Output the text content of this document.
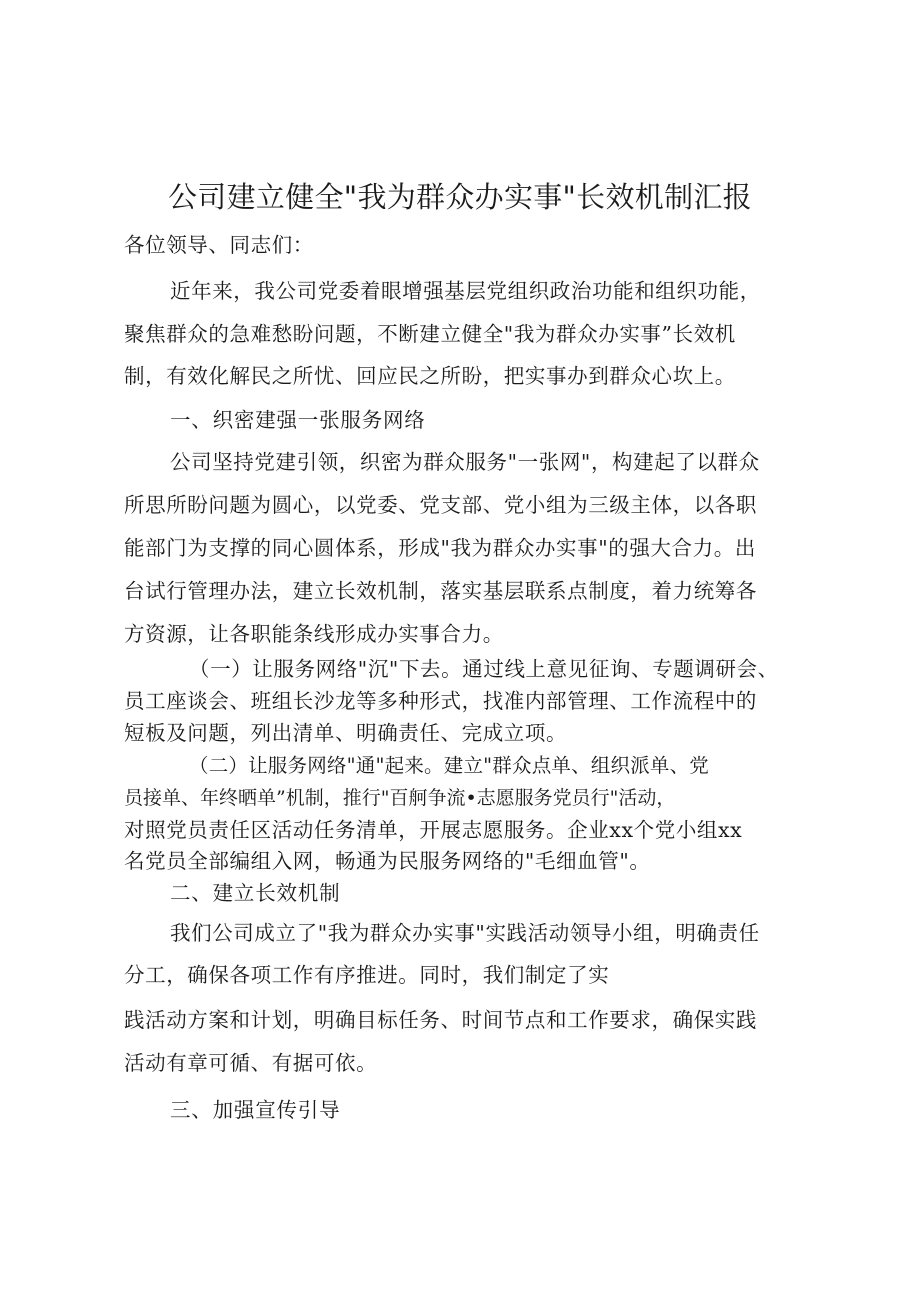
公司建立健全"我为群众办实事"长效机制汇报
各位领导、同志们：
近年来，我公司党委着眼增强基层党组织政治功能和组织功能，
聚焦群众的急难愁盼问题，不断建立健全"我为群众办实事”长效机
制，有效化解民之所忧、回应民之所盼，把实事办到群众心坎上。
一、织密建强一张服务网络
公司坚持党建引领，织密为群众服务"一张网"，构建起了以群众
所思所盼问题为圆心，以党委、党支部、党小组为三级主体，以各职
能部门为支撑的同心圆体系，形成"我为群众办实事"的强大合力。出
台试行管理办法，建立长效机制，落实基层联系点制度，着力统筹各
方资源，让各职能条线形成办实事合力。
（一）让服务网络"沉"下去。通过线上意见征询、专题调研会、
员工座谈会、班组长沙龙等多种形式，找准内部管理、工作流程中的
短板及问题，列出清单、明确责任、完成立项。
（二）让服务网络"通"起来。建立"群众点单、组织派单、党
员接单、年终晒单”机制，推行"百舸争流•志愿服务党员行"活动，
对照党员责任区活动任务清单，开展志愿服务。企业xx个党小组xx
名党员全部编组入网，畅通为民服务网络的"毛细血管"。
二、建立长效机制
我们公司成立了"我为群众办实事"实践活动领导小组，明确责任
分工，确保各项工作有序推进。同时，我们制定了实
践活动方案和计划，明确目标任务、时间节点和工作要求，确保实践
活动有章可循、有据可依。
三、加强宣传引导
